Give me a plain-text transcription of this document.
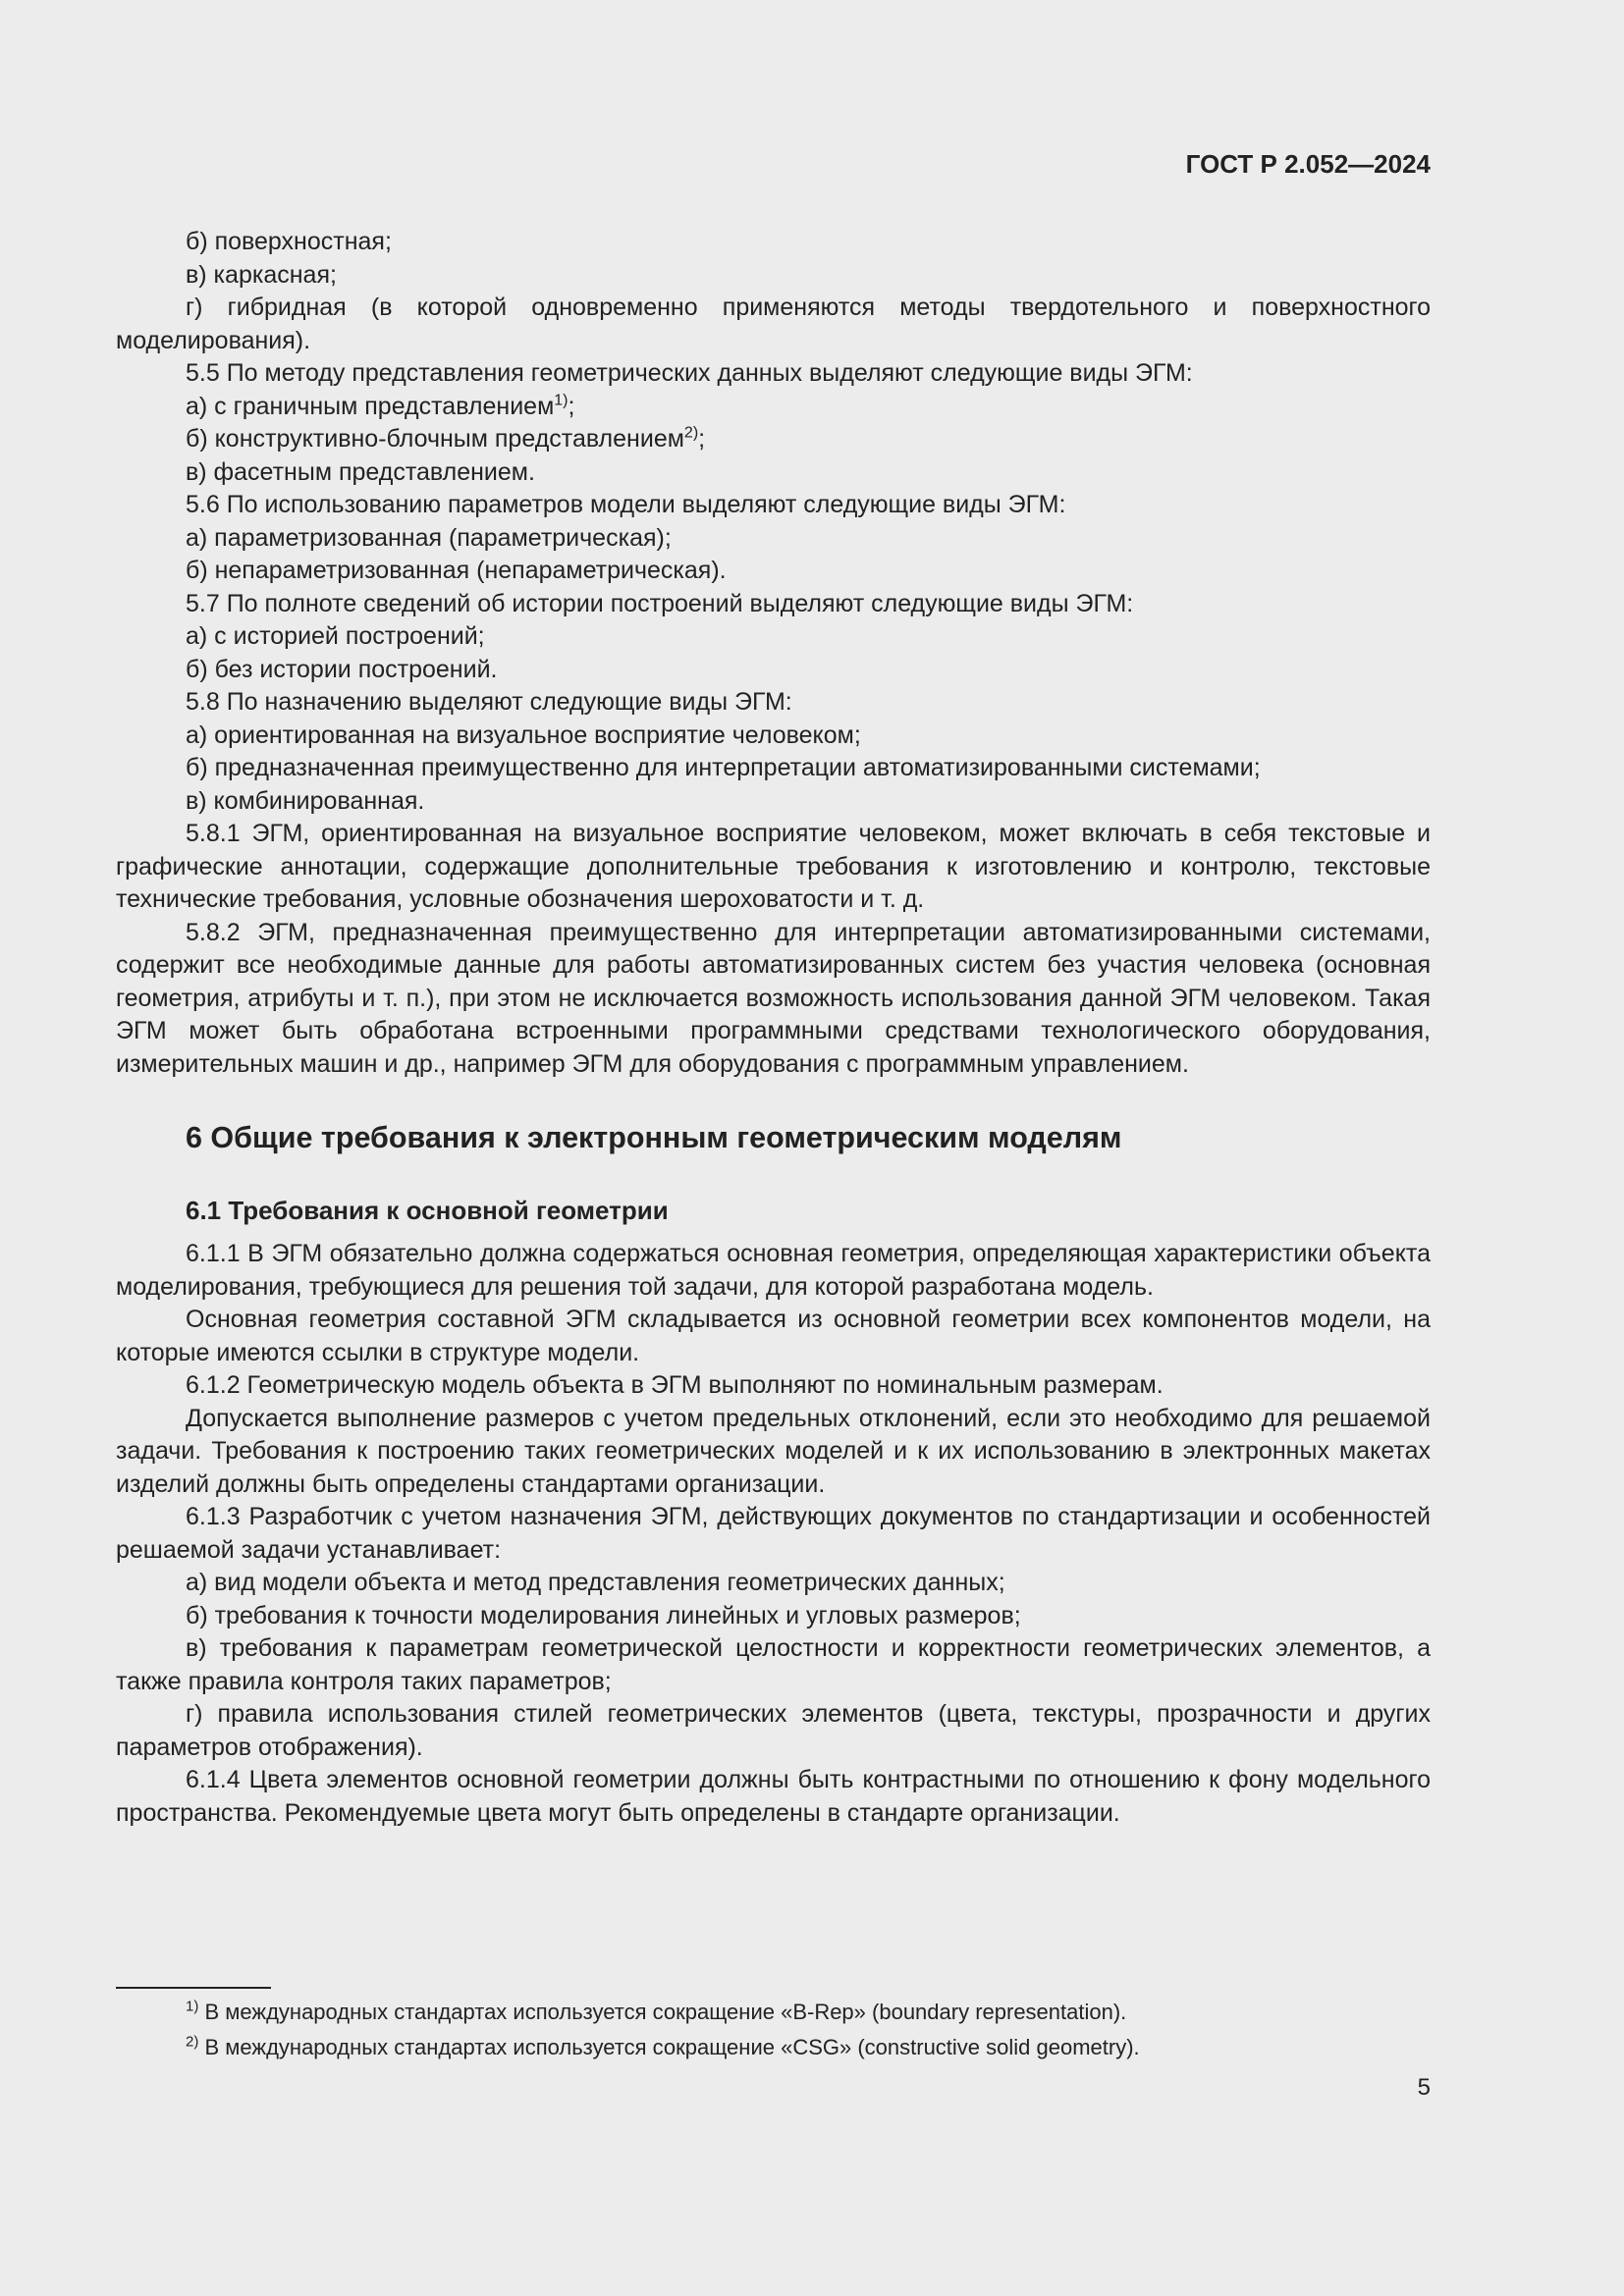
ГОСТ Р 2.052—2024

б) поверхностная;

в) каркасная;

г) гибридная (в которой одновременно применяются методы твердотельного и поверхностного моделирования).

5.5 По методу представления геометрических данных выделяют следующие виды ЭГМ:

а) с граничным представлением$^{1)}$;

б) конструктивно-блочным представлением$^{2)}$;

в) фасетным представлением.

5.6 По использованию параметров модели выделяют следующие виды ЭГМ:

а) параметризованная (параметрическая);

б) непараметризованная (непараметрическая).

5.7 По полноте сведений об истории построений выделяют следующие виды ЭГМ:

а) с историей построений;

б) без истории построений.

5.8 По назначению выделяют следующие виды ЭГМ:

а) ориентированная на визуальное восприятие человеком;

б) предназначенная преимущественно для интерпретации автоматизированными системами;

в) комбинированная.

5.8.1 ЭГМ, ориентированная на визуальное восприятие человеком, может включать в себя текстовые и графические аннотации, содержащие дополнительные требования к изготовлению и контролю, текстовые технические требования, условные обозначения шероховатости и т. д.

5.8.2 ЭГМ, предназначенная преимущественно для интерпретации автоматизированными системами, содержит все необходимые данные для работы автоматизированных систем без участия человека (основная геометрия, атрибуты и т. п.), при этом не исключается возможность использования данной ЭГМ человеком. Такая ЭГМ может быть обработана встроенными программными средствами технологического оборудования, измерительных машин и др., например ЭГМ для оборудования с программным управлением.

6 Общие требования к электронным геометрическим моделям
6.1 Требования к основной геометрии

6.1.1 В ЭГМ обязательно должна содержаться основная геометрия, определяющая характеристики объекта моделирования, требующиеся для решения той задачи, для которой разработана модель.

Основная геометрия составной ЭГМ складывается из основной геометрии всех компонентов модели, на которые имеются ссылки в структуре модели.

6.1.2 Геометрическую модель объекта в ЭГМ выполняют по номинальным размерам.

Допускается выполнение размеров с учетом предельных отклонений, если это необходимо для решаемой задачи. Требования к построению таких геометрических моделей и к их использованию в электронных макетах изделий должны быть определены стандартами организации.

6.1.3 Разработчик с учетом назначения ЭГМ, действующих документов по стандартизации и особенностей решаемой задачи устанавливает:

а) вид модели объекта и метод представления геометрических данных;

б) требования к точности моделирования линейных и угловых размеров;

в) требования к параметрам геометрической целостности и корректности геометрических элементов, а также правила контроля таких параметров;

г) правила использования стилей геометрических элементов (цвета, текстуры, прозрачности и других параметров отображения).

6.1.4 Цвета элементов основной геометрии должны быть контрастными по отношению к фону модельного пространства. Рекомендуемые цвета могут быть определены в стандарте организации.

$^{1)}$ В международных стандартах используется сокращение «B-Rep» (boundary representation).

$^{2)}$ В международных стандартах используется сокращение «CSG» (constructive solid geometry).

5
